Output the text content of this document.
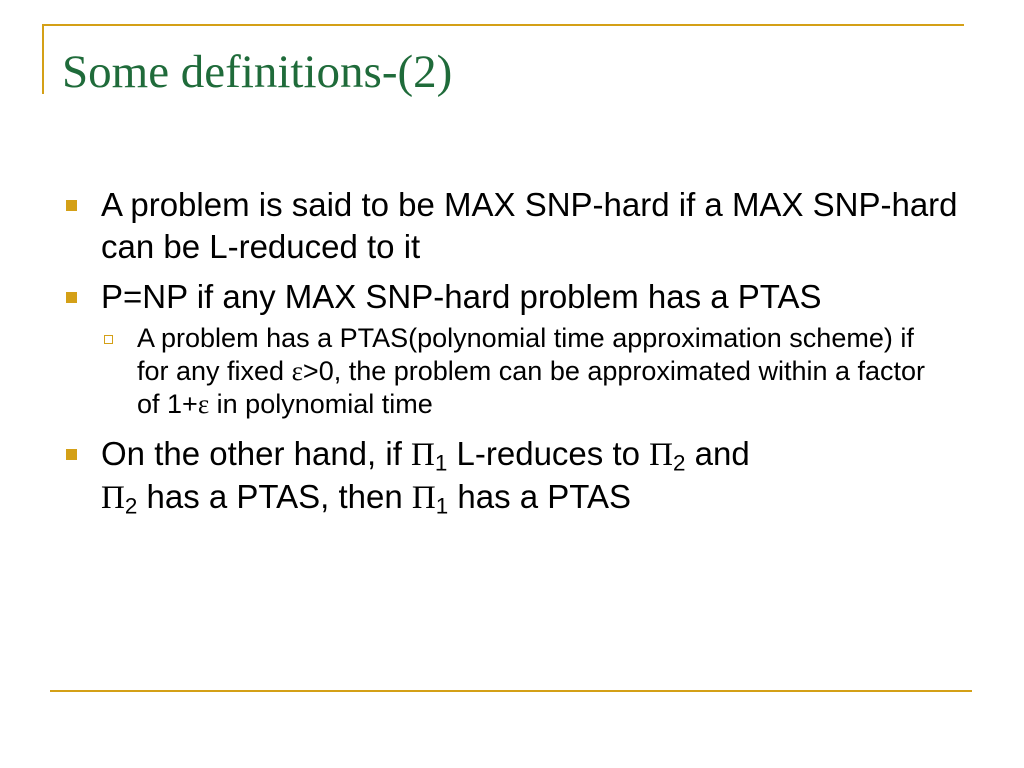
Some definitions-(2)
A problem is said to be MAX SNP-hard if a MAX SNP-hard can be L-reduced to it
P=NP if any MAX SNP-hard problem has a PTAS
A problem has a PTAS(polynomial time approximation scheme) if for any fixed ε>0, the problem can be approximated within a factor of 1+ε in polynomial time
On the other hand, if $\Pi_1$ L-reduces to $\Pi_2$ and
$\Pi_2$ has a PTAS, then $\Pi_1$ has a PTAS
